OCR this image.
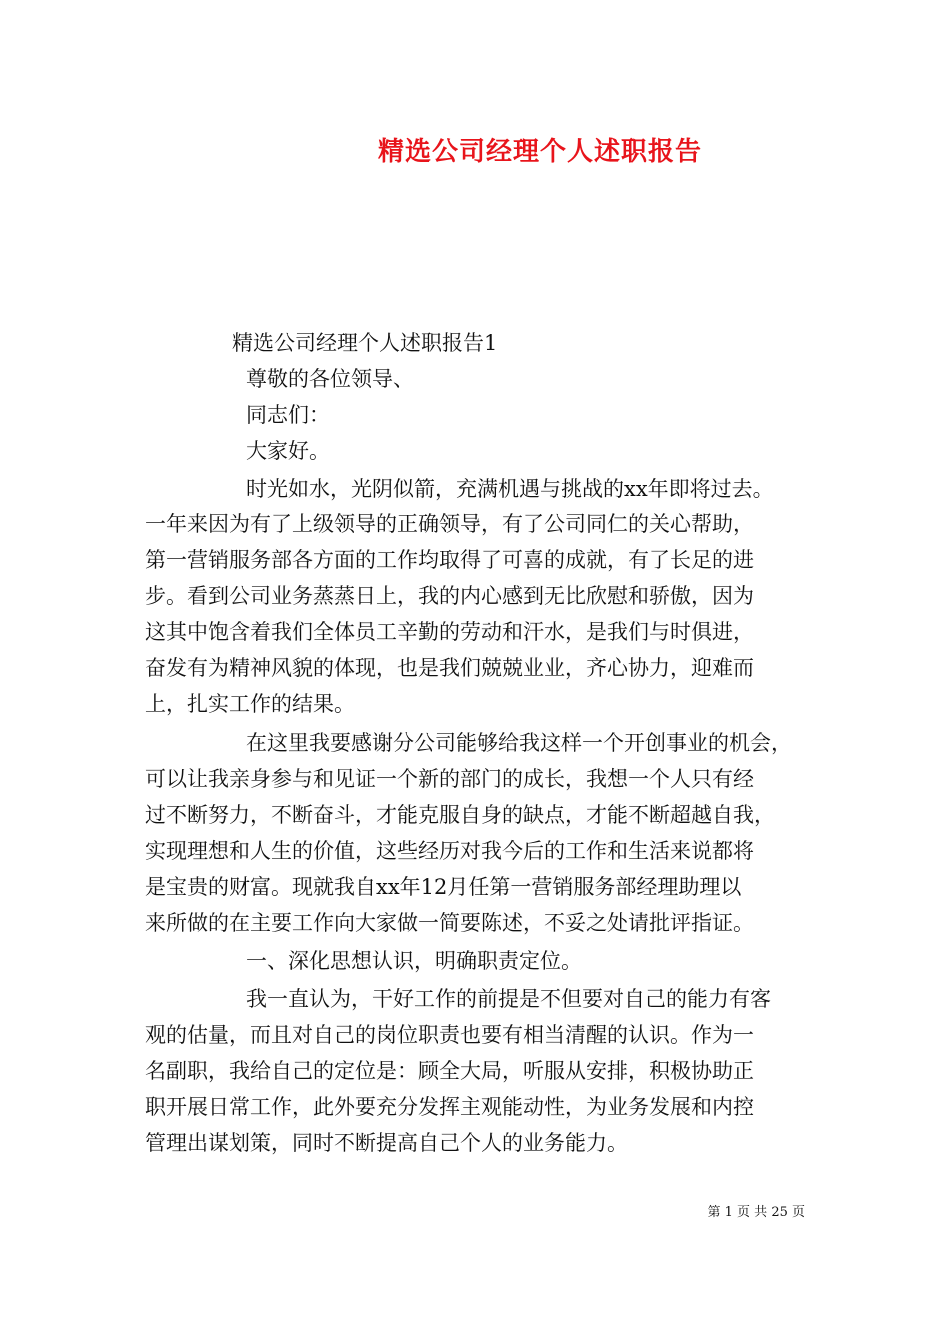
精选公司经理个人述职报告

精选公司经理个人述职报告1

尊敬的各位领导、

同志们：

大家好。

时光如水，光阴似箭，充满机遇与挑战的xx年即将过去。

一年来因为有了上级领导的正确领导，有了公司同仁的关心帮助，

第一营销服务部各方面的工作均取得了可喜的成就，有了长足的进

步。看到公司业务蒸蒸日上，我的内心感到无比欣慰和骄傲，因为

这其中饱含着我们全体员工辛勤的劳动和汗水，是我们与时俱进，

奋发有为精神风貌的体现，也是我们兢兢业业，齐心协力，迎难而

上，扎实工作的结果。

在这里我要感谢分公司能够给我这样一个开创事业的机会，

可以让我亲身参与和见证一个新的部门的成长，我想一个人只有经

过不断努力，不断奋斗，才能克服自身的缺点，才能不断超越自我，

实现理想和人生的价值，这些经历对我今后的工作和生活来说都将

是宝贵的财富。现就我自xx年12月任第一营销服务部经理助理以

来所做的在主要工作向大家做一简要陈述，不妥之处请批评指证。

一、深化思想认识，明确职责定位。

我一直认为，干好工作的前提是不但要对自己的能力有客

观的估量，而且对自己的岗位职责也要有相当清醒的认识。作为一

名副职，我给自己的定位是：顾全大局，听服从安排，积极协助正

职开展日常工作，此外要充分发挥主观能动性，为业务发展和内控

管理出谋划策，同时不断提高自己个人的业务能力。

第 1 页 共 25 页
